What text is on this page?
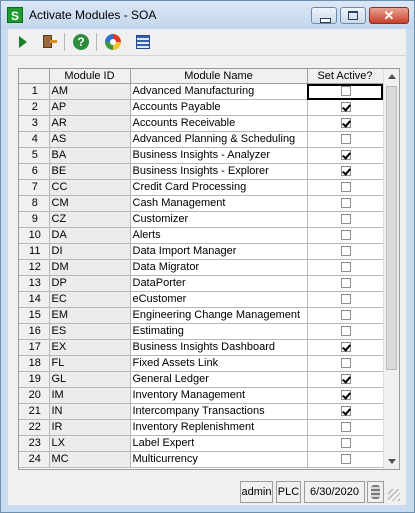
S Activate Modules - SOA	✕
?
	Module ID	Module Name	Set Active?
1	AM	Advanced Manufacturing	
2	AP	Accounts Payable	
3	AR	Accounts Receivable	
4	AS	Advanced Planning & Scheduling	
5	BA	Business Insights - Analyzer	
6	BE	Business Insights - Explorer	
7	CC	Credit Card Processing	
8	CM	Cash Management	
9	CZ	Customizer	
10	DA	Alerts	
11	DI	Data Import Manager	
12	DM	Data Migrator	
13	DP	DataPorter	
14	EC	eCustomer	
15	EM	Engineering Change Management	
16	ES	Estimating	
17	EX	Business Insights Dashboard	
18	FL	Fixed Assets Link	
19	GL	General Ledger	
20	IM	Inventory Management	
21	IN	Intercompany Transactions	
22	IR	Inventory Replenishment	
23	LX	Label Expert	
24	MC	Multicurrency	
admin PLC 6/30/2020
